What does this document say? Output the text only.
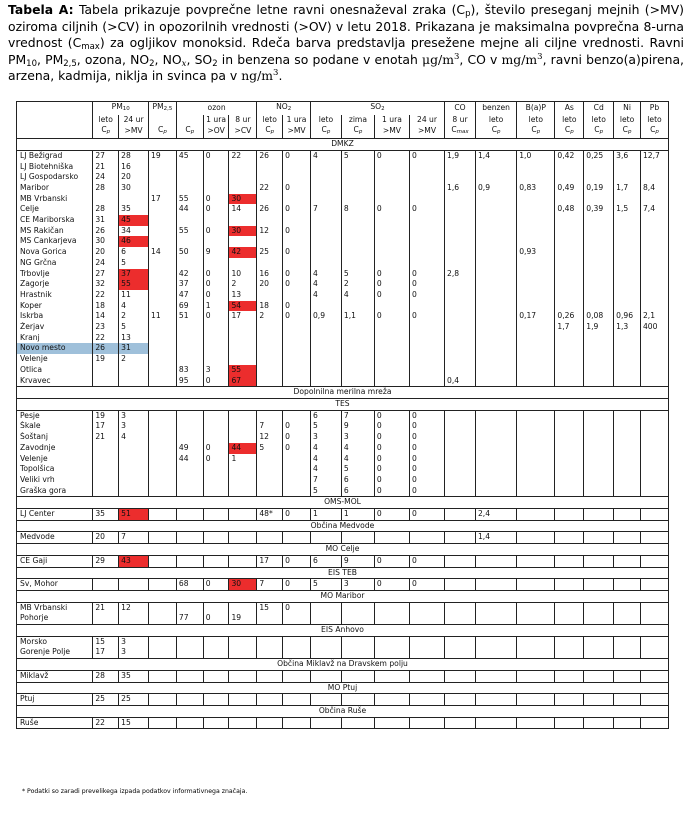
Tabela A: Tabela prikazuje povprečne letne ravni onesnaževal zraka $(C_p)$, število preseganj mejnih (>MV) oziroma ciljnih (>CV) in opozorilnih vrednosti (>OV) v letu 2018. Prikazana je maksimalna povprečna 8-urna vrednost $(C_{max})$ za ogljikov monoksid. Rdeča barva predstavlja presežene mejne ali ciljne vrednosti. Ravni $PM_{10}$, $PM_{2,5}$, ozona, $NO_2$, $NO_x$, $SO_2$ in benzena so podane v enotah $\mu g/m^3$, CO v $mg/m^3$, ravni benzo(a)pirena, arzena, kadmija, niklja in svinca pa v $ng/m^3$.
	$PM_{10}$		$PM_{2,5}$	ozon			$NO_2$		$SO_2$				CO	benzen	B(a)P	As	Cd	Ni	Pb
	leto	24 ur			1 ura	8 ur	leto	1 ura	leto	zima	1 ura	24 ur	8 ur	leto	leto	leto	leto	leto	leto
	$C_p$	>MV	$C_p$	$C_p$	>OV	>CV	$C_p$	>MV	$C_p$	$C_p$	>MV	>MV	$C_{max}$	$C_p$	$C_p$	$C_p$	$C_p$	$C_p$	$C_p$
DMKZ																			
LJ Bežigrad	27	28	19	45	0	22	26	0	4	5	0	0	1,9	1,4	1,0	0,42	0,25	3,6	12,7
LJ Biotehniška	21	16																	
LJ Gospodarsko	24	20																	
Maribor	28	30					22	0					1,6	0,9	0,83	0,49	0,19	1,7	8,4
MB Vrbanski			17	55	0	30													
Celje	28	35		44	0	14	26	0	7	8	0	0				0,48	0,39	1,5	7,4
CE Mariborska	31	45																	
MS Rakičan	26	34		55	0	30	12	0											
MS Cankarjeva	30	46																	
Nova Gorica	20	6	14	50	9	42	25	0							0,93				
NG Grčna	24	5																	
Trbovlje	27	37		42	0	10	16	0	4	5	0	0	2,8						
Zagorje	32	55		37	0	2	20	0	4	2	0	0							
Hrastnik	22	11		47	0	13			4	4	0	0							
Koper	18	4		69	1	54	18	0											
Iskrba	14	2	11	51	0	17	2	0	0,9	1,1	0	0			0,17	0,26	0,08	0,96	2,1
Žerjav	23	5														1,7	1,9	1,3	400
Kranj	22	13																	
Novo mesto	26	31																	
Velenje	19	2																	
Otlica				83	3	55													
Krvavec				95	0	67							0,4						
Dopolnilna merilna mreža																			
TES																			
Pesje	19	3							6	7	0	0							
Škale	17	3					7	0	5	9	0	0							
Šoštanj	21	4					12	0	3	3	0	0							
Zavodnje				49	0	44	5	0	4	4	0	0							
Velenje				44	0	1			4	4	0	0							
Topolšica									4	5	0	0							
Veliki vrh									7	6	0	0							
Graška gora									5	6	0	0							
OMS-MOL																			
LJ Center	35	51					48*	0	1	1	0	0		2,4					
Občina Medvode																			
Medvode	20	7												1,4					
MO Celje																			
CE Gaji	29	43					17	0	6	9	0	0							
EIS TEB																			
Sv, Mohor				68	0	30	7	0	5	3	0	0							
MO Maribor																			
MB Vrbanski	21	12					15	0											
Pohorje				77	0	19													
EIS Anhovo																			
Morsko	15	3																	
Gorenje Polje	17	3																	
Občina Miklavž na Dravskem polju																			
Miklavž	28	35																	
MO Ptuj																			
Ptuj	25	25																	
Občina Ruše																			
Ruše	22	15																	
* Podatki so zaradi prevelikega izpada podatkov informativnega značaja.
